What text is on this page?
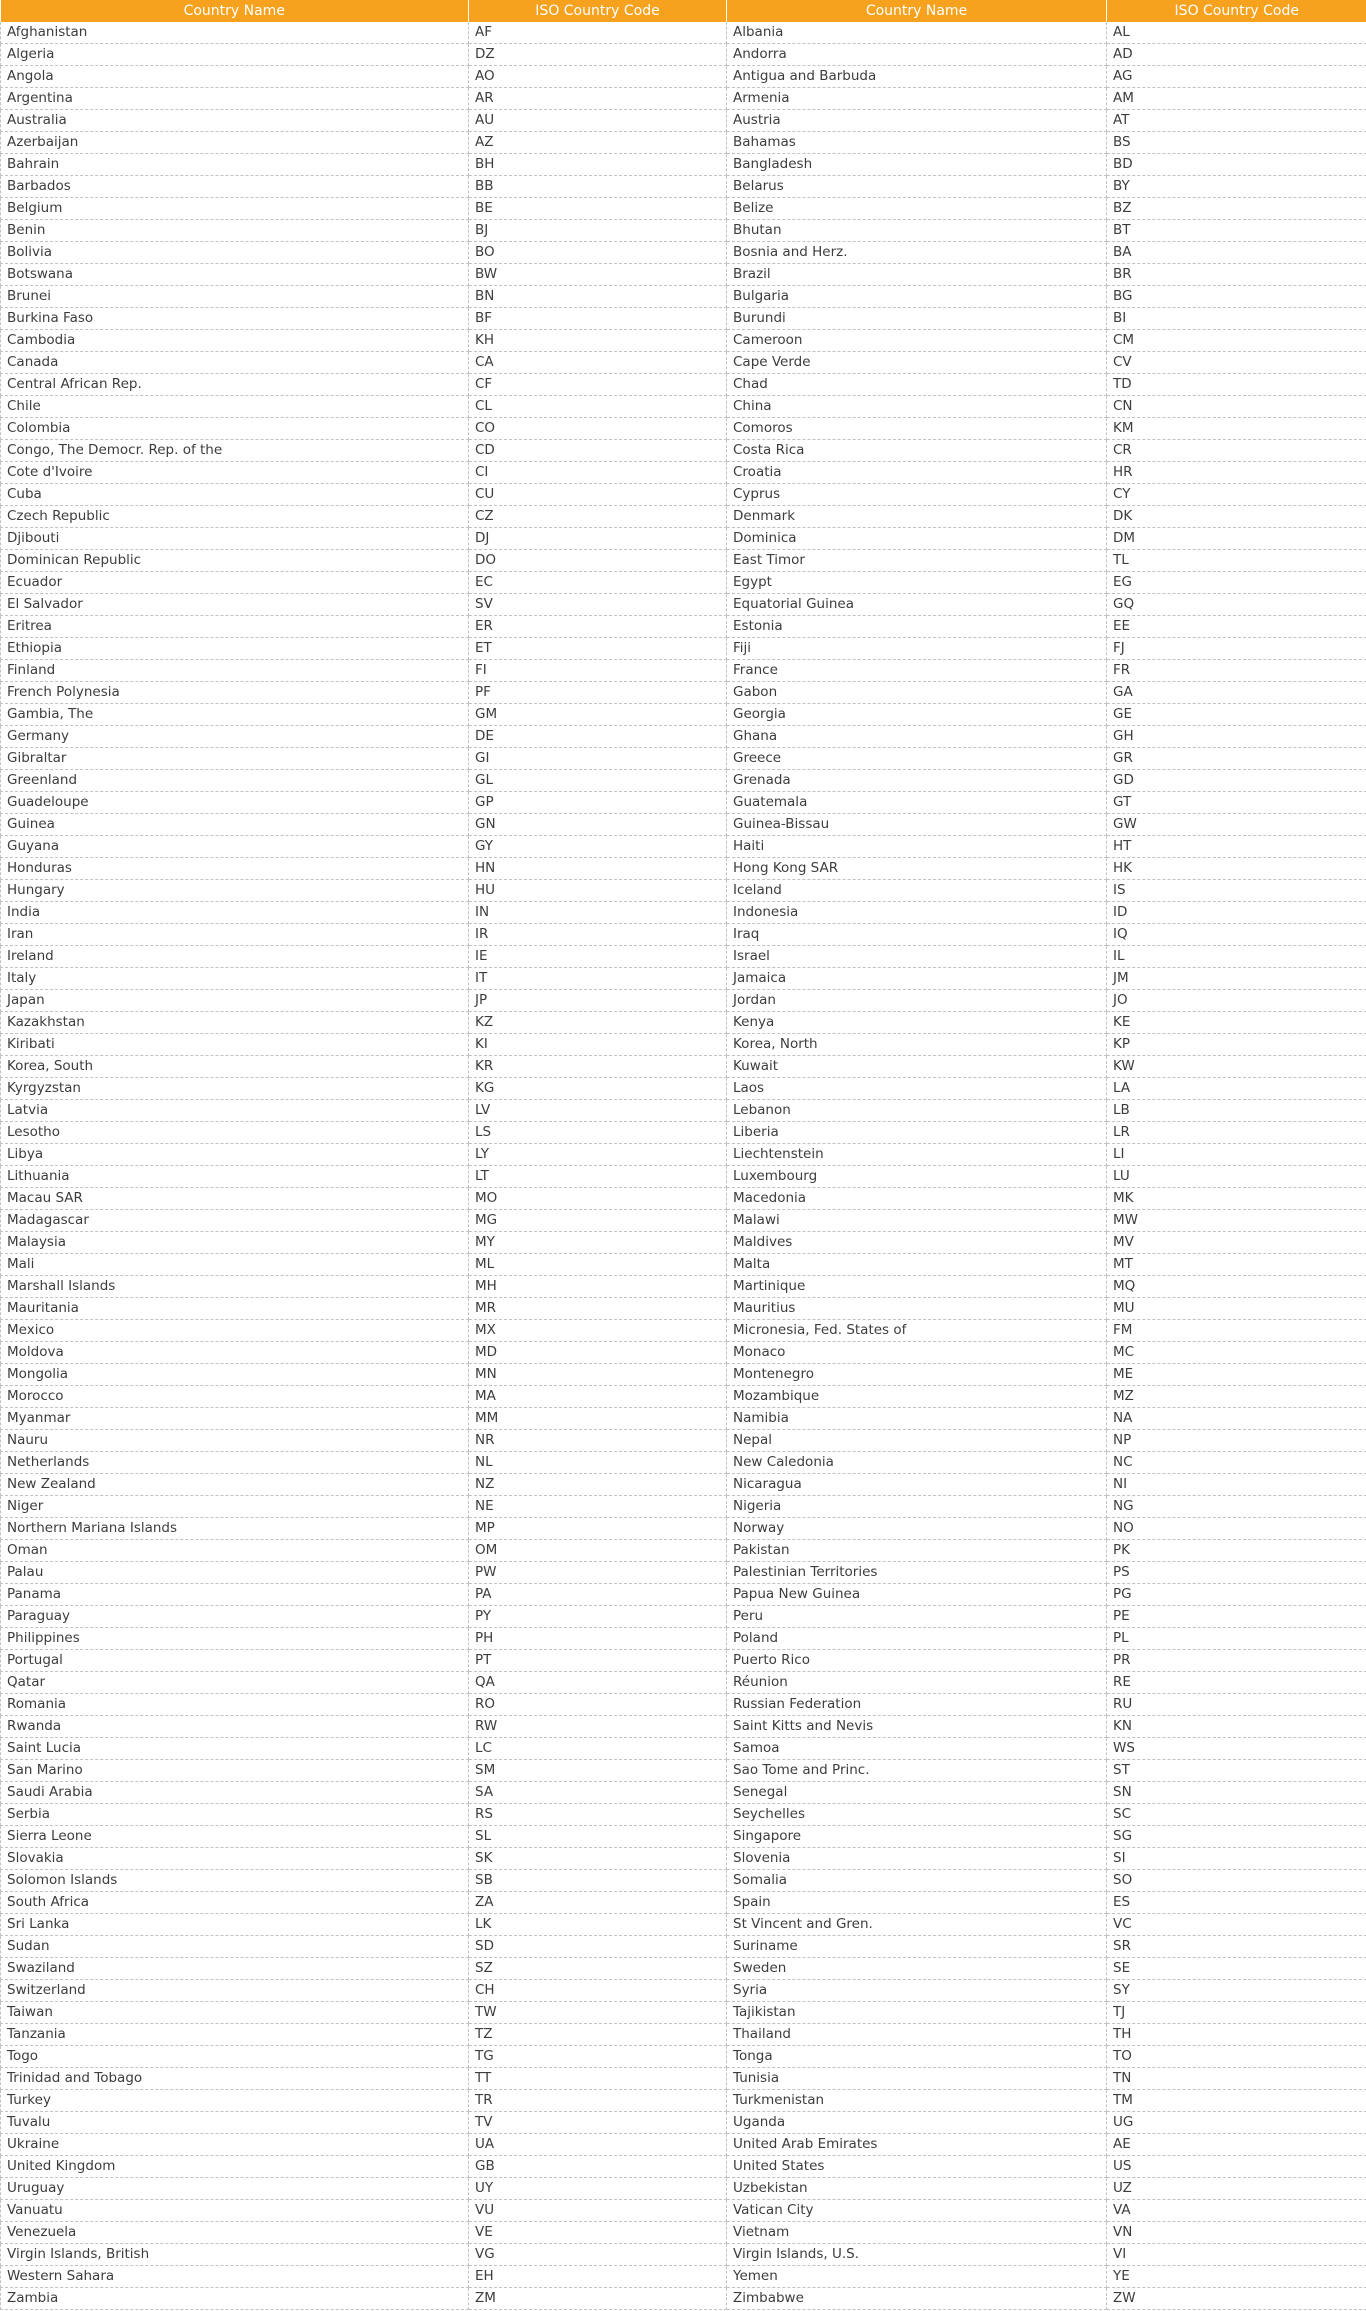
Country Name	ISO Country Code	Country Name	ISO Country Code
Afghanistan	AF	Albania	AL
Algeria	DZ	Andorra	AD
Angola	AO	Antigua and Barbuda	AG
Argentina	AR	Armenia	AM
Australia	AU	Austria	AT
Azerbaijan	AZ	Bahamas	BS
Bahrain	BH	Bangladesh	BD
Barbados	BB	Belarus	BY
Belgium	BE	Belize	BZ
Benin	BJ	Bhutan	BT
Bolivia	BO	Bosnia and Herz.	BA
Botswana	BW	Brazil	BR
Brunei	BN	Bulgaria	BG
Burkina Faso	BF	Burundi	BI
Cambodia	KH	Cameroon	CM
Canada	CA	Cape Verde	CV
Central African Rep.	CF	Chad	TD
Chile	CL	China	CN
Colombia	CO	Comoros	KM
Congo, The Democr. Rep. of the	CD	Costa Rica	CR
Cote d'Ivoire	CI	Croatia	HR
Cuba	CU	Cyprus	CY
Czech Republic	CZ	Denmark	DK
Djibouti	DJ	Dominica	DM
Dominican Republic	DO	East Timor	TL
Ecuador	EC	Egypt	EG
El Salvador	SV	Equatorial Guinea	GQ
Eritrea	ER	Estonia	EE
Ethiopia	ET	Fiji	FJ
Finland	FI	France	FR
French Polynesia	PF	Gabon	GA
Gambia, The	GM	Georgia	GE
Germany	DE	Ghana	GH
Gibraltar	GI	Greece	GR
Greenland	GL	Grenada	GD
Guadeloupe	GP	Guatemala	GT
Guinea	GN	Guinea-Bissau	GW
Guyana	GY	Haiti	HT
Honduras	HN	Hong Kong SAR	HK
Hungary	HU	Iceland	IS
India	IN	Indonesia	ID
Iran	IR	Iraq	IQ
Ireland	IE	Israel	IL
Italy	IT	Jamaica	JM
Japan	JP	Jordan	JO
Kazakhstan	KZ	Kenya	KE
Kiribati	KI	Korea, North	KP
Korea, South	KR	Kuwait	KW
Kyrgyzstan	KG	Laos	LA
Latvia	LV	Lebanon	LB
Lesotho	LS	Liberia	LR
Libya	LY	Liechtenstein	LI
Lithuania	LT	Luxembourg	LU
Macau SAR	MO	Macedonia	MK
Madagascar	MG	Malawi	MW
Malaysia	MY	Maldives	MV
Mali	ML	Malta	MT
Marshall Islands	MH	Martinique	MQ
Mauritania	MR	Mauritius	MU
Mexico	MX	Micronesia, Fed. States of	FM
Moldova	MD	Monaco	MC
Mongolia	MN	Montenegro	ME
Morocco	MA	Mozambique	MZ
Myanmar	MM	Namibia	NA
Nauru	NR	Nepal	NP
Netherlands	NL	New Caledonia	NC
New Zealand	NZ	Nicaragua	NI
Niger	NE	Nigeria	NG
Northern Mariana Islands	MP	Norway	NO
Oman	OM	Pakistan	PK
Palau	PW	Palestinian Territories	PS
Panama	PA	Papua New Guinea	PG
Paraguay	PY	Peru	PE
Philippines	PH	Poland	PL
Portugal	PT	Puerto Rico	PR
Qatar	QA	Réunion	RE
Romania	RO	Russian Federation	RU
Rwanda	RW	Saint Kitts and Nevis	KN
Saint Lucia	LC	Samoa	WS
San Marino	SM	Sao Tome and Princ.	ST
Saudi Arabia	SA	Senegal	SN
Serbia	RS	Seychelles	SC
Sierra Leone	SL	Singapore	SG
Slovakia	SK	Slovenia	SI
Solomon Islands	SB	Somalia	SO
South Africa	ZA	Spain	ES
Sri Lanka	LK	St Vincent and Gren.	VC
Sudan	SD	Suriname	SR
Swaziland	SZ	Sweden	SE
Switzerland	CH	Syria	SY
Taiwan	TW	Tajikistan	TJ
Tanzania	TZ	Thailand	TH
Togo	TG	Tonga	TO
Trinidad and Tobago	TT	Tunisia	TN
Turkey	TR	Turkmenistan	TM
Tuvalu	TV	Uganda	UG
Ukraine	UA	United Arab Emirates	AE
United Kingdom	GB	United States	US
Uruguay	UY	Uzbekistan	UZ
Vanuatu	VU	Vatican City	VA
Venezuela	VE	Vietnam	VN
Virgin Islands, British	VG	Virgin Islands, U.S.	VI
Western Sahara	EH	Yemen	YE
Zambia	ZM	Zimbabwe	ZW
